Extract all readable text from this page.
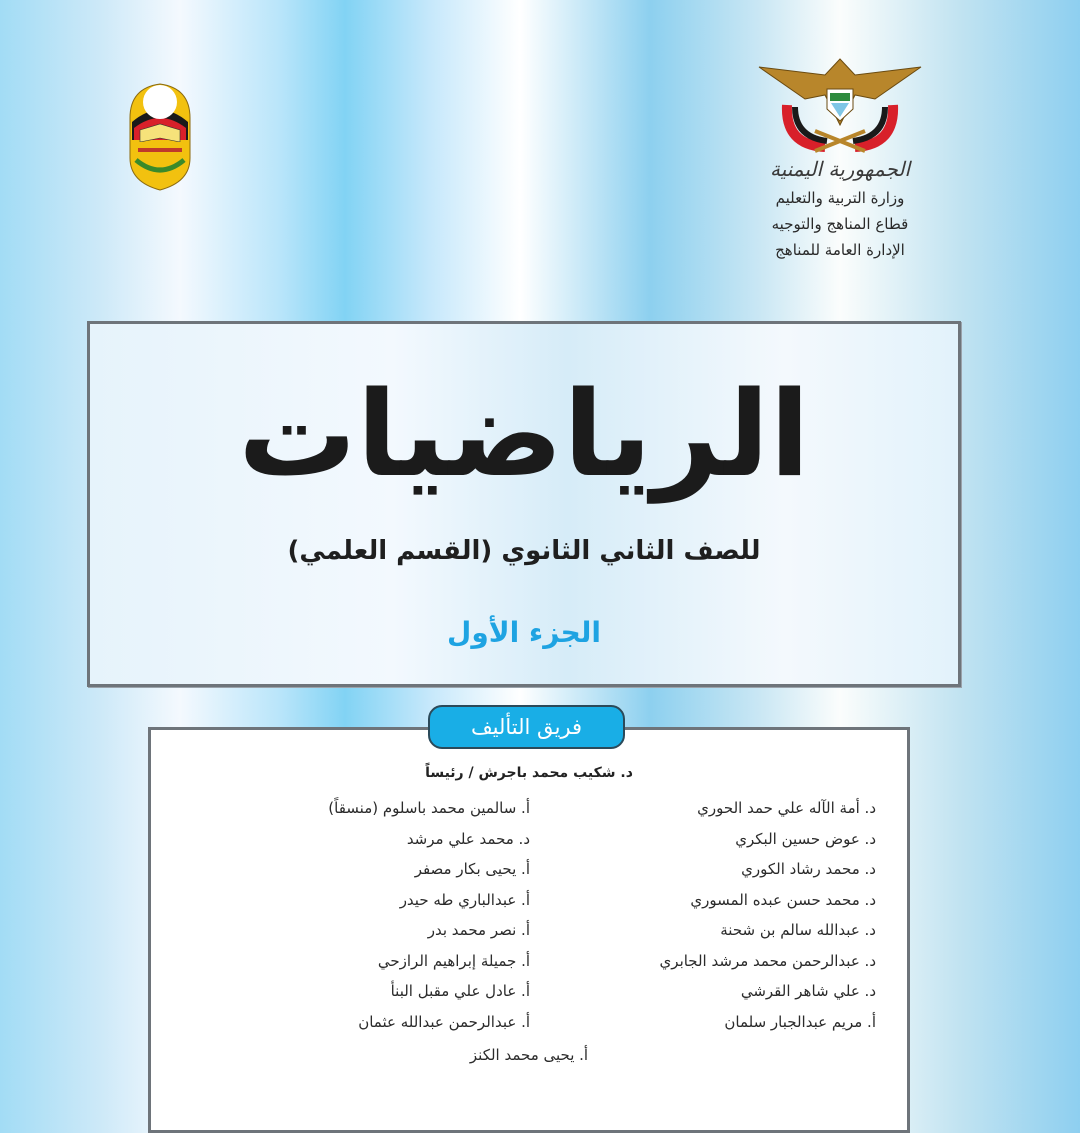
الجمهورية اليمنية
وزارة التربية والتعليم
قطاع المناهج والتوجيه
الإدارة العامة للمناهج
الرياضيات
للصف الثاني الثانوي (القسم العلمي)
الجزء الأول
فريق التأليف
د. شكيب محمد باجرش / رئيساً
د. أمة الآله علي حمد الحوري
د. عوض حسين البكري
د. محمد رشاد الكوري
د. محمد حسن عبده المسوري
د. عبدالله سالم بن شحنة
د. عبدالرحمن محمد مرشد الجابري
د. علي شاهر القرشي
أ. مريم عبدالجبار سلمان
أ. سالمين محمد باسلوم (منسقاً)
د. محمد علي مرشد
أ. يحيى بكار مصفر
أ. عبدالباري طه حيدر
أ. نصر محمد بدر
أ. جميلة إبراهيم الرازحي
أ. عادل علي مقبل البنأ
أ. عبدالرحمن عبدالله عثمان
أ. يحيى محمد الكنز
